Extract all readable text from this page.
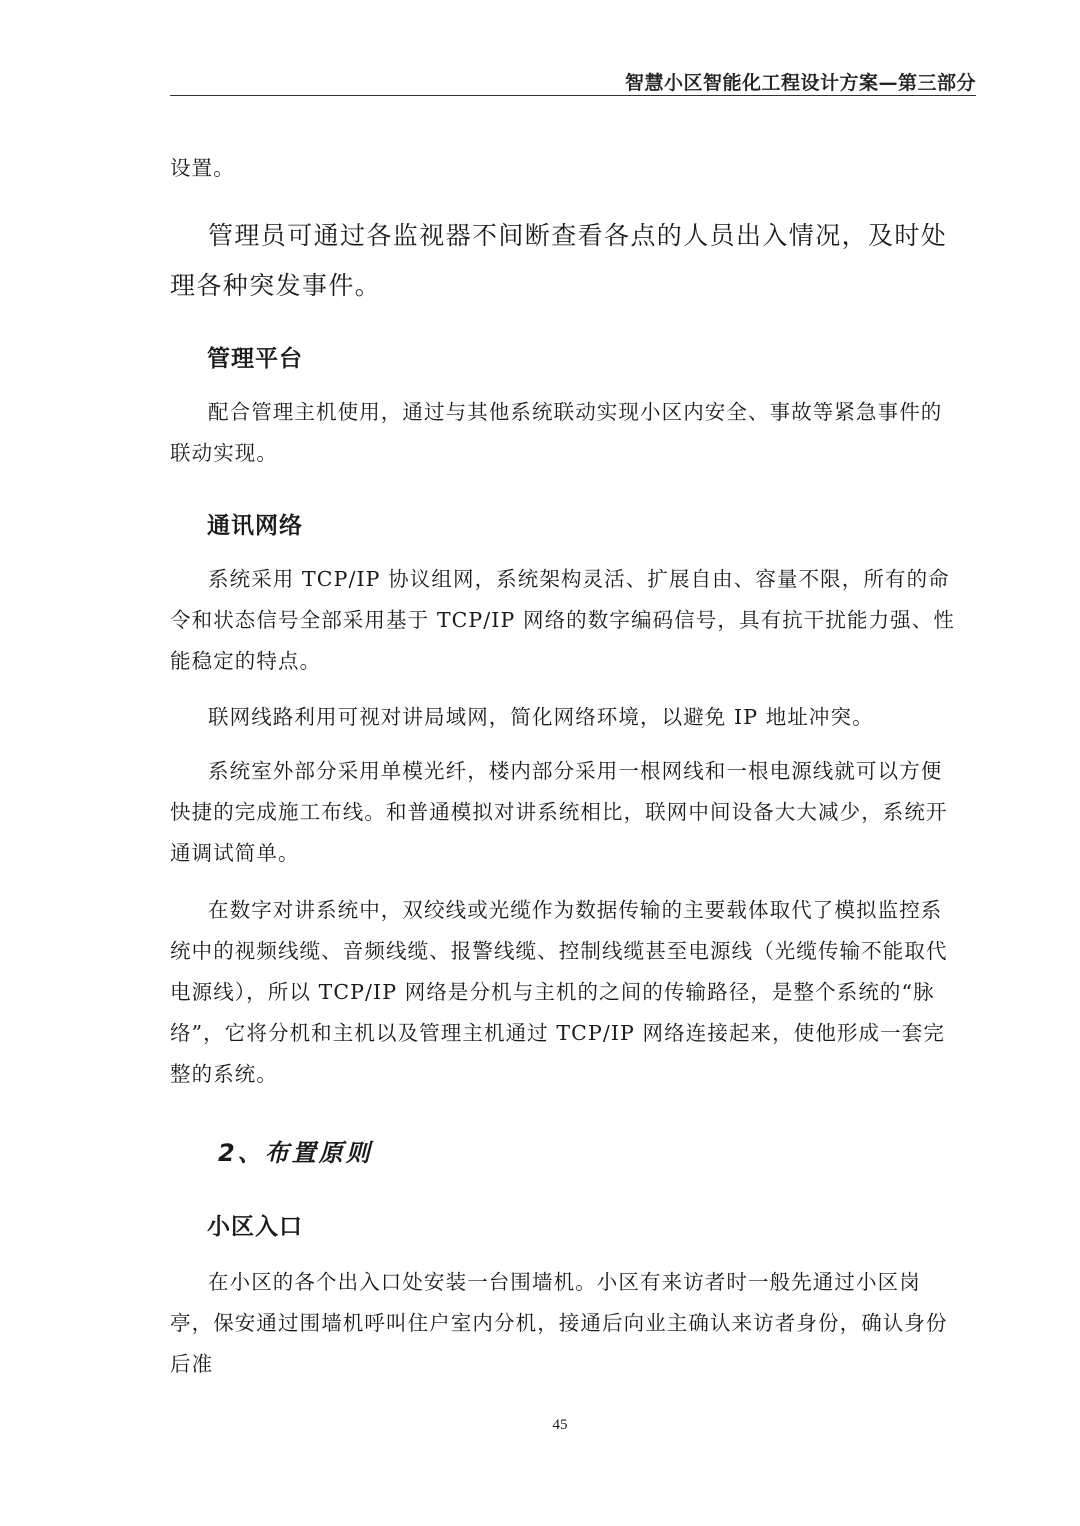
智慧小区智能化工程设计方案—第三部分

设置。

管理员可通过各监视器不间断查看各点的人员出入情况，及时处理各种突发事件。

管理平台

配合管理主机使用，通过与其他系统联动实现小区内安全、事故等紧急事件的联动实现。

通讯网络

系统采用 TCP/IP 协议组网，系统架构灵活、扩展自由、容量不限，所有的命令和状态信号全部采用基于 TCP/IP 网络的数字编码信号，具有抗干扰能力强、性能稳定的特点。

联网线路利用可视对讲局域网，简化网络环境，以避免 IP 地址冲突。

系统室外部分采用单模光纤，楼内部分采用一根网线和一根电源线就可以方便快捷的完成施工布线。和普通模拟对讲系统相比，联网中间设备大大减少，系统开通调试简单。

在数字对讲系统中，双绞线或光缆作为数据传输的主要载体取代了模拟监控系统中的视频线缆、音频线缆、报警线缆、控制线缆甚至电源线（光缆传输不能取代电源线），所以 TCP/IP 网络是分机与主机的之间的传输路径，是整个系统的“脉络”，它将分机和主机以及管理主机通过 TCP/IP 网络连接起来，使他形成一套完整的系统。

2、布置原则
小区入口

在小区的各个出入口处安装一台围墙机。小区有来访者时一般先通过小区岗亭，保安通过围墙机呼叫住户室内分机，接通后向业主确认来访者身份，确认身份后准

45
